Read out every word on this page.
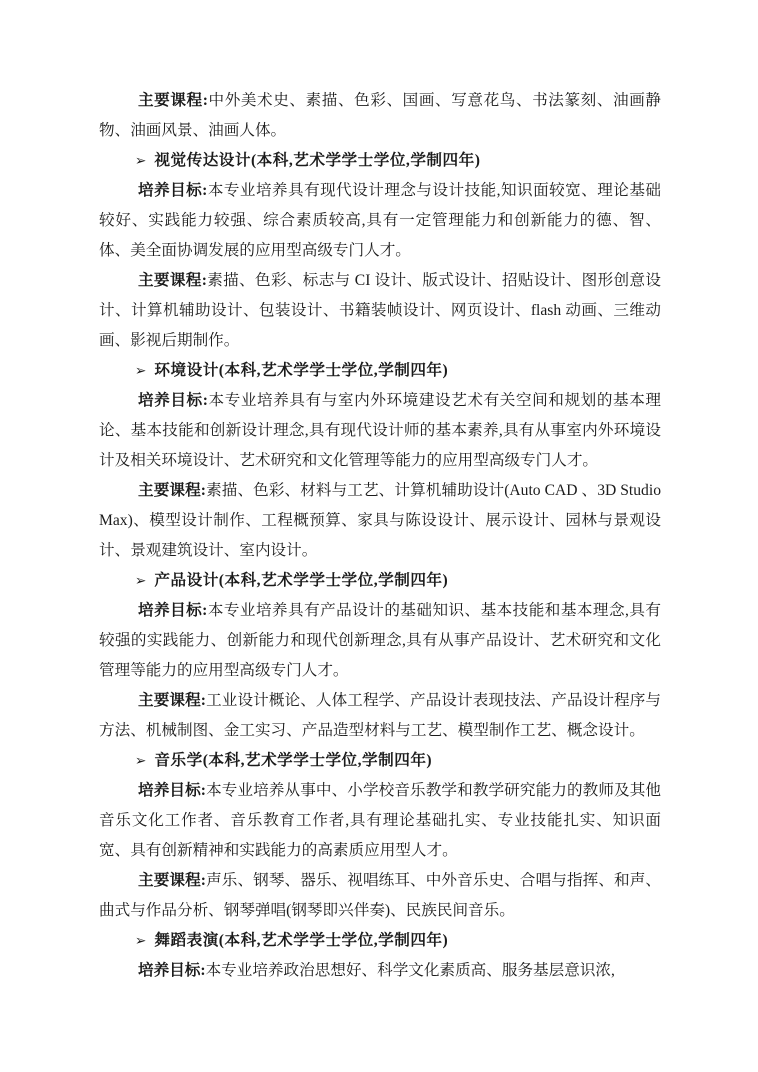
主要课程:中外美术史、素描、色彩、国画、写意花鸟、书法篆刻、油画静物、油画风景、油画人体。

➢ 视觉传达设计(本科,艺术学学士学位,学制四年)

培养目标:本专业培养具有现代设计理念与设计技能,知识面较宽、理论基础较好、实践能力较强、综合素质较高,具有一定管理能力和创新能力的德、智、体、美全面协调发展的应用型高级专门人才。

主要课程:素描、色彩、标志与 CI 设计、版式设计、招贴设计、图形创意设计、计算机辅助设计、包装设计、书籍装帧设计、网页设计、flash 动画、三维动画、影视后期制作。

➢ 环境设计(本科,艺术学学士学位,学制四年)

培养目标:本专业培养具有与室内外环境建设艺术有关空间和规划的基本理论、基本技能和创新设计理念,具有现代设计师的基本素养,具有从事室内外环境设计及相关环境设计、艺术研究和文化管理等能力的应用型高级专门人才。

主要课程:素描、色彩、材料与工艺、计算机辅助设计(Auto CAD 、3D Studio Max)、模型设计制作、工程概预算、家具与陈设设计、展示设计、园林与景观设计、景观建筑设计、室内设计。

➢ 产品设计(本科,艺术学学士学位,学制四年)

培养目标:本专业培养具有产品设计的基础知识、基本技能和基本理念,具有较强的实践能力、创新能力和现代创新理念,具有从事产品设计、艺术研究和文化管理等能力的应用型高级专门人才。

主要课程:工业设计概论、人体工程学、产品设计表现技法、产品设计程序与方法、机械制图、金工实习、产品造型材料与工艺、模型制作工艺、概念设计。

➢ 音乐学(本科,艺术学学士学位,学制四年)

培养目标:本专业培养从事中、小学校音乐教学和教学研究能力的教师及其他音乐文化工作者、音乐教育工作者,具有理论基础扎实、专业技能扎实、知识面宽、具有创新精神和实践能力的高素质应用型人才。

主要课程:声乐、钢琴、器乐、视唱练耳、中外音乐史、合唱与指挥、和声、曲式与作品分析、钢琴弹唱(钢琴即兴伴奏)、民族民间音乐。

➢ 舞蹈表演(本科,艺术学学士学位,学制四年)

培养目标:本专业培养政治思想好、科学文化素质高、服务基层意识浓,
